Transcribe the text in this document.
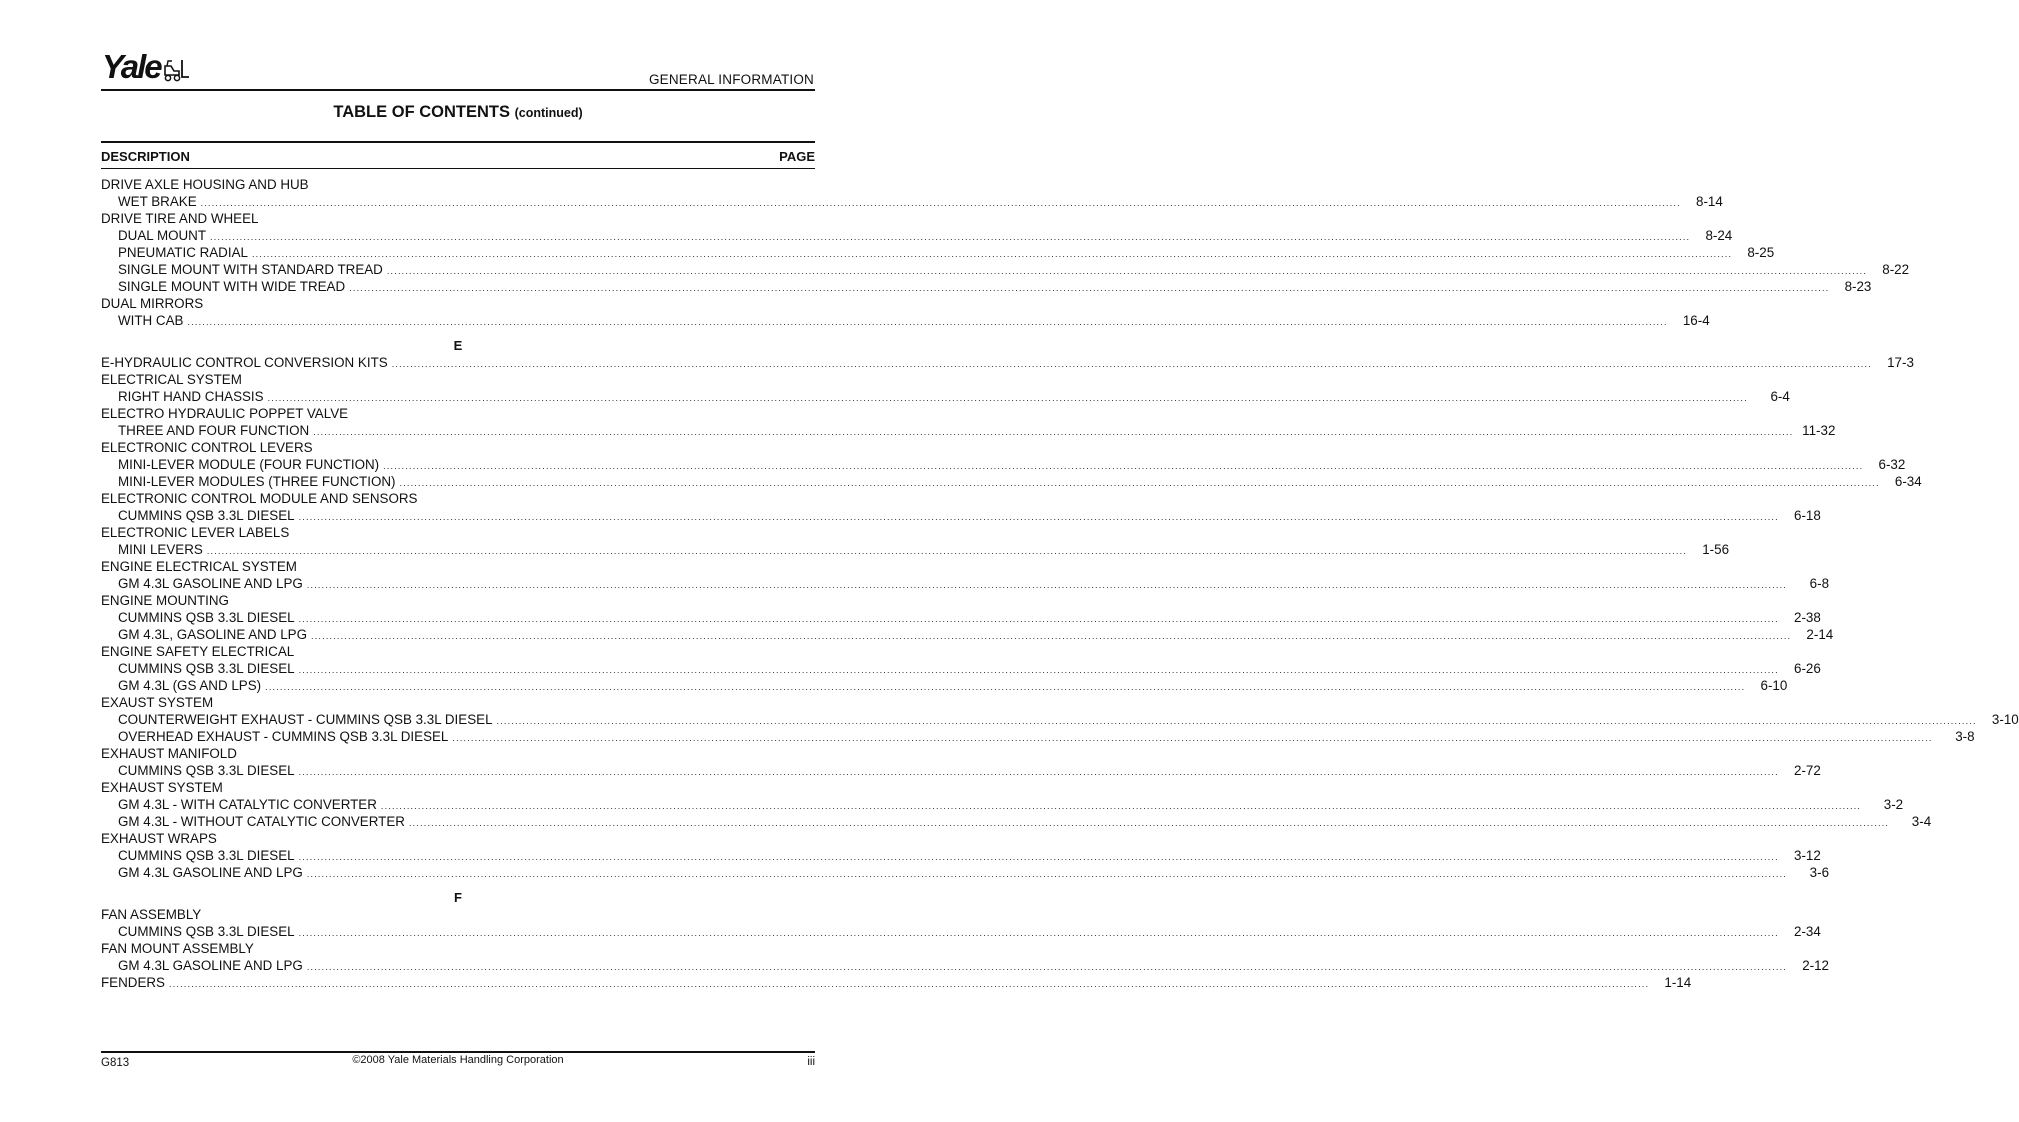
Yale	GENERAL INFORMATION
TABLE OF CONTENTS (continued)
DESCRIPTION	PAGE
DRIVE AXLE HOUSING AND HUB
WET BRAKE ................................................................................................................................................................................................................................................................................................................................................................................................................	8-14
DRIVE TIRE AND WHEEL
DUAL MOUNT ................................................................................................................................................................................................................................................................................................................................................................................................................	8-24
PNEUMATIC RADIAL ................................................................................................................................................................................................................................................................................................................................................................................................................	8-25
SINGLE MOUNT WITH STANDARD TREAD ................................................................................................................................................................................................................................................................................................................................................................................................................	8-22
SINGLE MOUNT WITH WIDE TREAD ................................................................................................................................................................................................................................................................................................................................................................................................................	8-23
DUAL MIRRORS
WITH CAB ................................................................................................................................................................................................................................................................................................................................................................................................................	16-4
E
E-HYDRAULIC CONTROL CONVERSION KITS ................................................................................................................................................................................................................................................................................................................................................................................................................	17-3
ELECTRICAL SYSTEM
RIGHT HAND CHASSIS ................................................................................................................................................................................................................................................................................................................................................................................................................	6-4
ELECTRO HYDRAULIC POPPET VALVE
THREE AND FOUR FUNCTION ................................................................................................................................................................................................................................................................................................................................................................................................................ 11-32
ELECTRONIC CONTROL LEVERS
MINI-LEVER MODULE (FOUR FUNCTION) ................................................................................................................................................................................................................................................................................................................................................................................................................	6-32
MINI-LEVER MODULES (THREE FUNCTION) ................................................................................................................................................................................................................................................................................................................................................................................................................	6-34
ELECTRONIC CONTROL MODULE AND SENSORS
CUMMINS QSB 3.3L DIESEL ................................................................................................................................................................................................................................................................................................................................................................................................................	6-18
ELECTRONIC LEVER LABELS
MINI LEVERS ................................................................................................................................................................................................................................................................................................................................................................................................................	1-56
ENGINE ELECTRICAL SYSTEM
GM 4.3L GASOLINE AND LPG ................................................................................................................................................................................................................................................................................................................................................................................................................	6-8
ENGINE MOUNTING
CUMMINS QSB 3.3L DIESEL ................................................................................................................................................................................................................................................................................................................................................................................................................	2-38
GM 4.3L, GASOLINE AND LPG ................................................................................................................................................................................................................................................................................................................................................................................................................	2-14
ENGINE SAFETY ELECTRICAL
CUMMINS QSB 3.3L DIESEL ................................................................................................................................................................................................................................................................................................................................................................................................................	6-26
GM 4.3L (GS AND LPS) ................................................................................................................................................................................................................................................................................................................................................................................................................	6-10
EXAUST SYSTEM
COUNTERWEIGHT EXHAUST - CUMMINS QSB 3.3L DIESEL ................................................................................................................................................................................................................................................................................................................................................................................................................	3-10
OVERHEAD EXHAUST - CUMMINS QSB 3.3L DIESEL ................................................................................................................................................................................................................................................................................................................................................................................................................	3-8
EXHAUST MANIFOLD
CUMMINS QSB 3.3L DIESEL ................................................................................................................................................................................................................................................................................................................................................................................................................	2-72
EXHAUST SYSTEM
GM 4.3L - WITH CATALYTIC CONVERTER ................................................................................................................................................................................................................................................................................................................................................................................................................	3-2
GM 4.3L - WITHOUT CATALYTIC CONVERTER ................................................................................................................................................................................................................................................................................................................................................................................................................	3-4
EXHAUST WRAPS
CUMMINS QSB 3.3L DIESEL ................................................................................................................................................................................................................................................................................................................................................................................................................	3-12
GM 4.3L GASOLINE AND LPG ................................................................................................................................................................................................................................................................................................................................................................................................................	3-6
F
FAN ASSEMBLY
CUMMINS QSB 3.3L DIESEL ................................................................................................................................................................................................................................................................................................................................................................................................................	2-34
FAN MOUNT ASSEMBLY
GM 4.3L GASOLINE AND LPG ................................................................................................................................................................................................................................................................................................................................................................................................................	2-12
FENDERS ................................................................................................................................................................................................................................................................................................................................................................................................................	1-14
G813	©2008 Yale Materials Handling Corporation	iii
